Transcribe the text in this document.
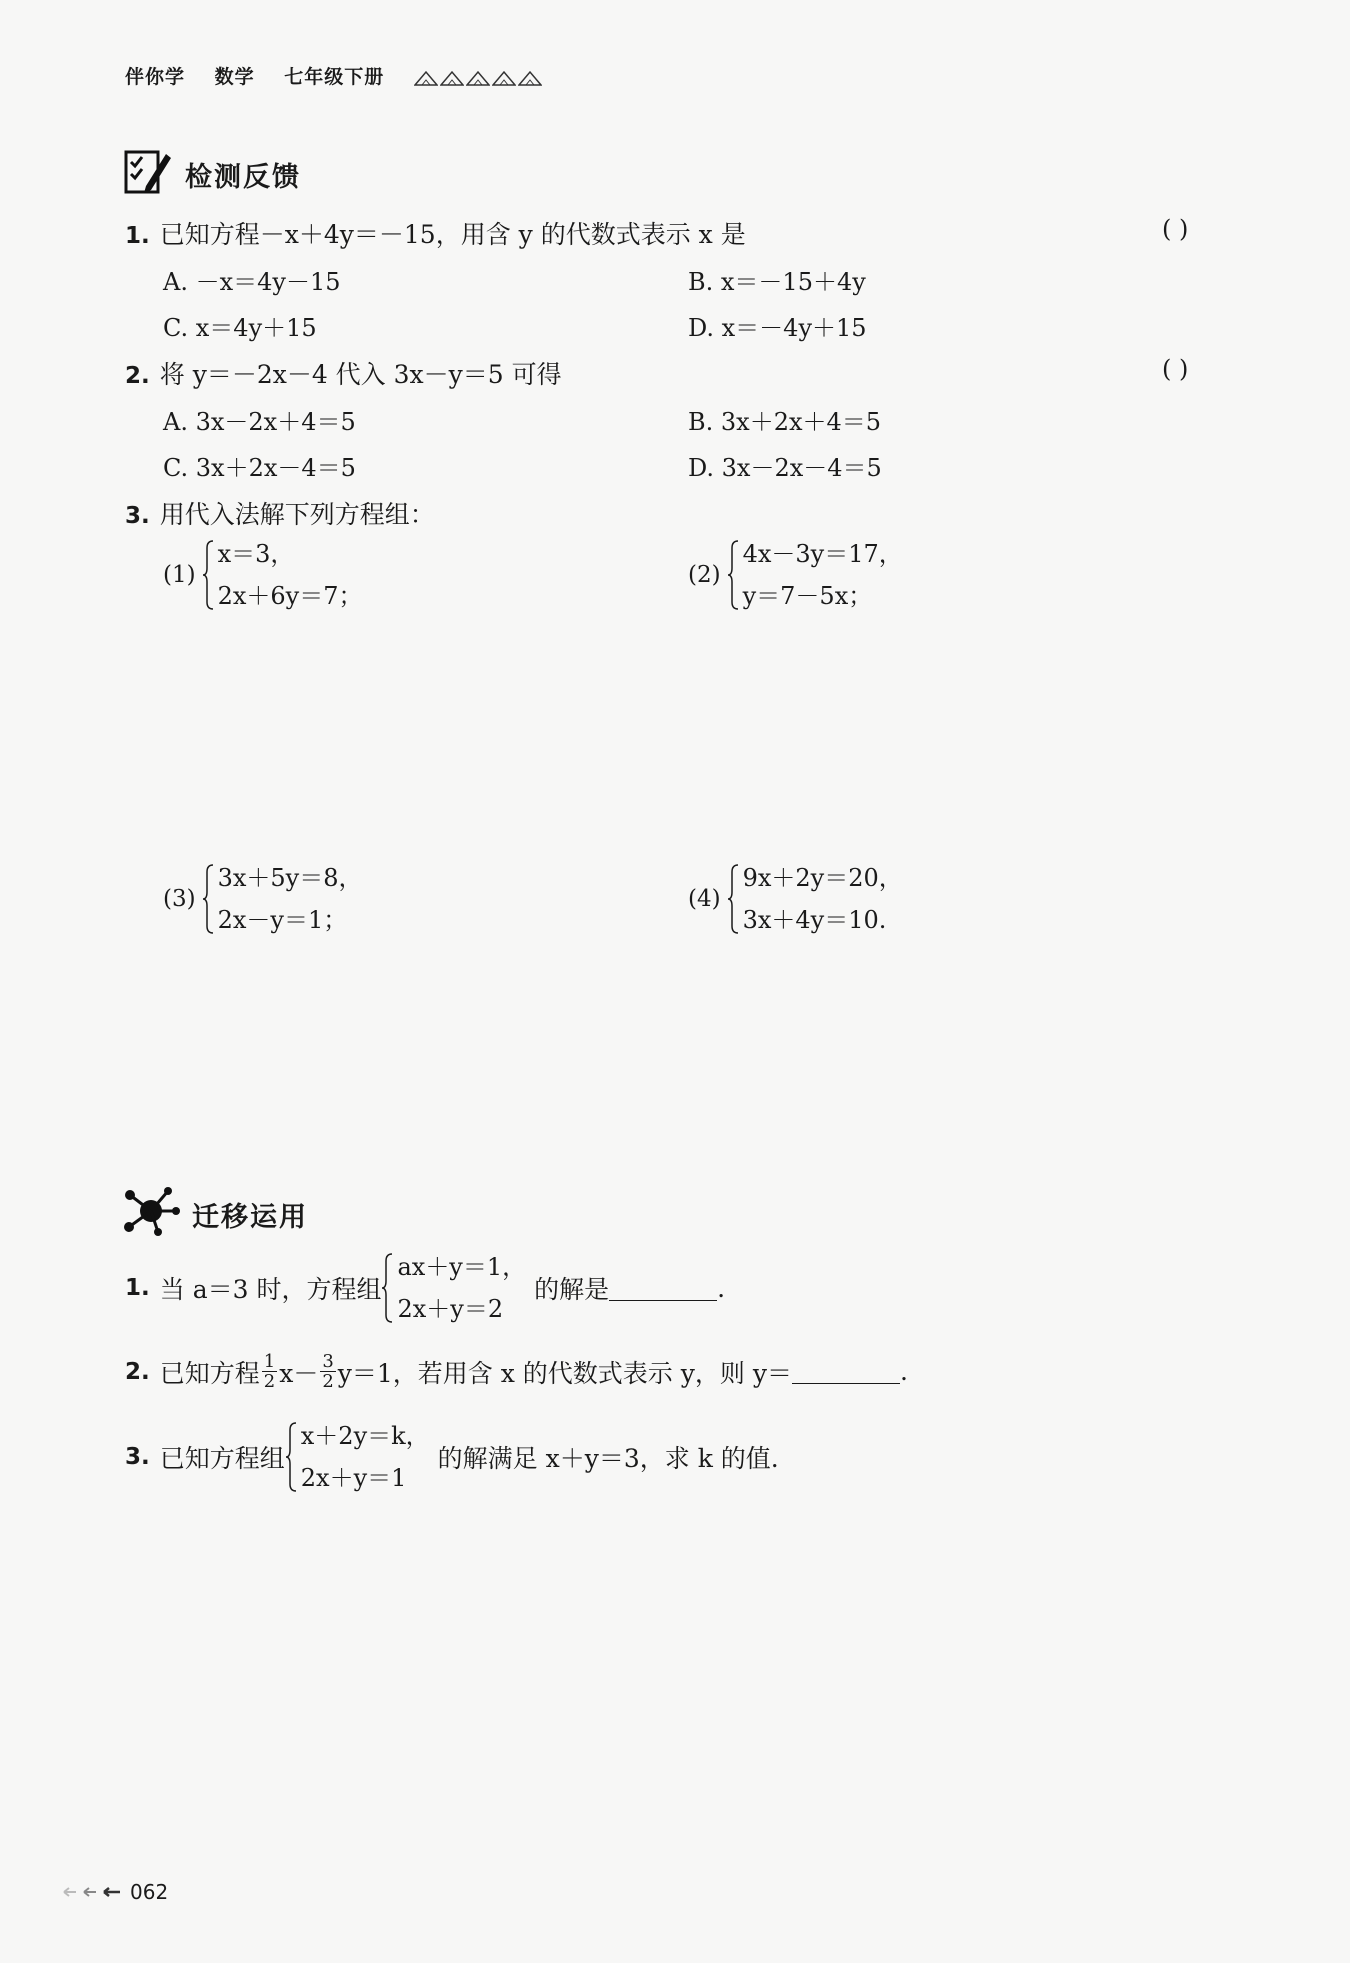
伴你学 数学 七年级下册
检测反馈
1. 已知方程－x＋4y＝－15，用含 y 的代数式表示 x 是	( )
A. －x＝4y－15	B. x＝－15＋4y
C. x＝4y＋15	D. x＝－4y＋15
2. 将 y＝－2x－4 代入 3x－y＝5 可得	( )
A. 3x－2x＋4＝5	B. 3x＋2x＋4＝5
C. 3x＋2x－4＝5	D. 3x－2x－4＝5
3. 用代入法解下列方程组：
(1)
x＝3，
2x＋6y＝7；
(2)
4x－3y＝17，
y＝7－5x；
(3)
3x＋5y＝8，
2x－y＝1；
(4)
9x＋2y＝20，
3x＋4y＝10.
迁移运用
1. 当 a＝3 时，方程组
ax＋y＝1，
2x＋y＝2
的解是	.
2. 已知方程 $\frac{1}{2} x- \frac{3}{2} y=1$，若用含 x 的代数式表示 y，则 y＝	.
3. 已知方程组
x＋2y＝k，
2x＋y＝1
的解满足 x＋y＝3，求 k 的值.
062
